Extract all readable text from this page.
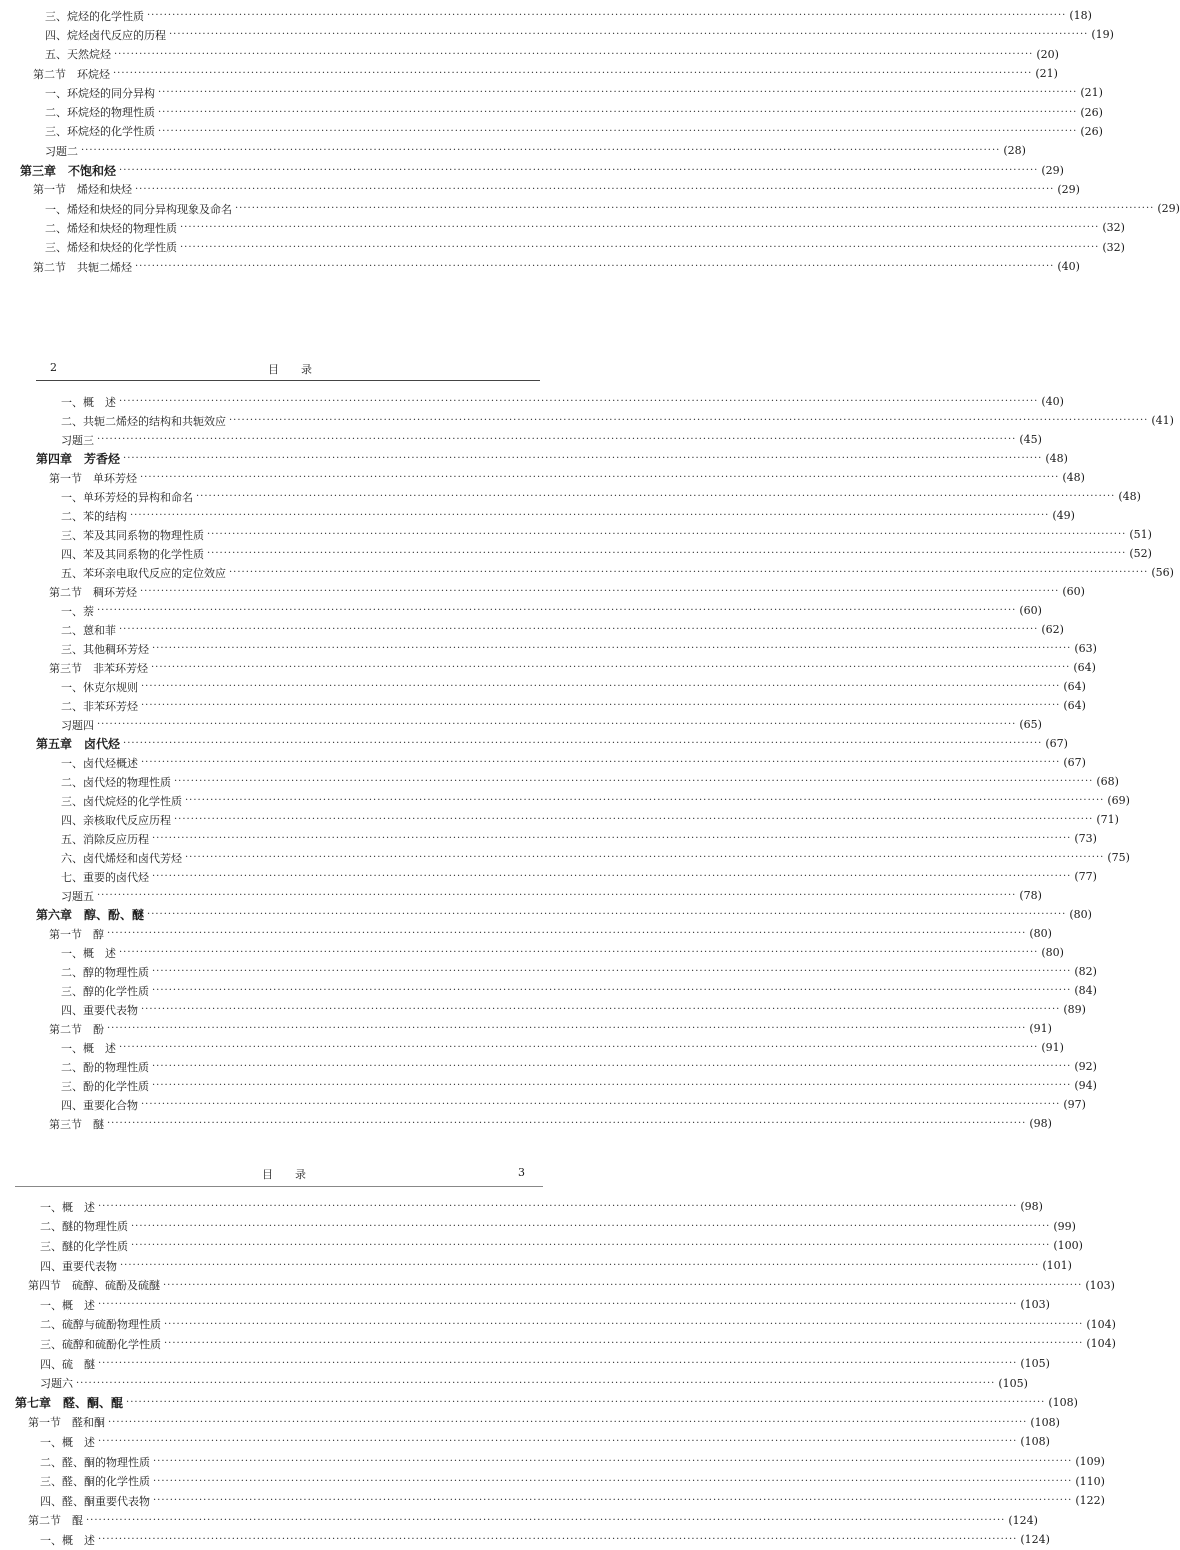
三、烷烃的化学性质 ···························································································································································································································· (18)
四、烷烃卤代反应的历程 ···························································································································································································································· (19)
五、天然烷烃 ···························································································································································································································· (20)
第二节　环烷烃 ···························································································································································································································· (21)
一、环烷烃的同分异构 ···························································································································································································································· (21)
二、环烷烃的物理性质 ···························································································································································································································· (26)
三、环烷烃的化学性质 ···························································································································································································································· (26)
习题二 ···························································································································································································································· (28)
第三章　不饱和烃 ···························································································································································································································· (29)
第一节　烯烃和炔烃 ···························································································································································································································· (29)
一、烯烃和炔烃的同分异构现象及命名 ···························································································································································································································· (29)
二、烯烃和炔烃的物理性质 ···························································································································································································································· (32)
三、烯烃和炔烃的化学性质 ···························································································································································································································· (32)
第二节　共轭二烯烃 ···························································································································································································································· (40)
2	目　　录
一、概　述 ···························································································································································································································· (40)
二、共轭二烯烃的结构和共轭效应 ···························································································································································································································· (41)
习题三 ···························································································································································································································· (45)
第四章　芳香烃 ···························································································································································································································· (48)
第一节　单环芳烃 ···························································································································································································································· (48)
一、单环芳烃的异构和命名 ···························································································································································································································· (48)
二、苯的结构 ···························································································································································································································· (49)
三、苯及其同系物的物理性质 ···························································································································································································································· (51)
四、苯及其同系物的化学性质 ···························································································································································································································· (52)
五、苯环亲电取代反应的定位效应 ···························································································································································································································· (56)
第二节　稠环芳烃 ···························································································································································································································· (60)
一、萘 ···························································································································································································································· (60)
二、蒽和菲 ···························································································································································································································· (62)
三、其他稠环芳烃 ···························································································································································································································· (63)
第三节　非苯环芳烃 ···························································································································································································································· (64)
一、休克尔规则 ···························································································································································································································· (64)
二、非苯环芳烃 ···························································································································································································································· (64)
习题四 ···························································································································································································································· (65)
第五章　卤代烃 ···························································································································································································································· (67)
一、卤代烃概述 ···························································································································································································································· (67)
二、卤代烃的物理性质 ···························································································································································································································· (68)
三、卤代烷烃的化学性质 ···························································································································································································································· (69)
四、亲核取代反应历程 ···························································································································································································································· (71)
五、消除反应历程 ···························································································································································································································· (73)
六、卤代烯烃和卤代芳烃 ···························································································································································································································· (75)
七、重要的卤代烃 ···························································································································································································································· (77)
习题五 ···························································································································································································································· (78)
第六章　醇、酚、醚 ···························································································································································································································· (80)
第一节　醇 ···························································································································································································································· (80)
一、概　述 ···························································································································································································································· (80)
二、醇的物理性质 ···························································································································································································································· (82)
三、醇的化学性质 ···························································································································································································································· (84)
四、重要代表物 ···························································································································································································································· (89)
第二节　酚 ···························································································································································································································· (91)
一、概　述 ···························································································································································································································· (91)
二、酚的物理性质 ···························································································································································································································· (92)
三、酚的化学性质 ···························································································································································································································· (94)
四、重要化合物 ···························································································································································································································· (97)
第三节　醚 ···························································································································································································································· (98)
目　　录	3
一、概　述 ···························································································································································································································· (98)
二、醚的物理性质 ···························································································································································································································· (99)
三、醚的化学性质 ···························································································································································································································· (100)
四、重要代表物 ···························································································································································································································· (101)
第四节　硫醇、硫酚及硫醚 ···························································································································································································································· (103)
一、概　述 ···························································································································································································································· (103)
二、硫醇与硫酚物理性质 ···························································································································································································································· (104)
三、硫醇和硫酚化学性质 ···························································································································································································································· (104)
四、硫　醚 ···························································································································································································································· (105)
习题六 ···························································································································································································································· (105)
第七章　醛、酮、醌 ···························································································································································································································· (108)
第一节　醛和酮 ···························································································································································································································· (108)
一、概　述 ···························································································································································································································· (108)
二、醛、酮的物理性质 ···························································································································································································································· (109)
三、醛、酮的化学性质 ···························································································································································································································· (110)
四、醛、酮重要代表物 ···························································································································································································································· (122)
第二节　醌 ···························································································································································································································· (124)
一、概　述 ···························································································································································································································· (124)
